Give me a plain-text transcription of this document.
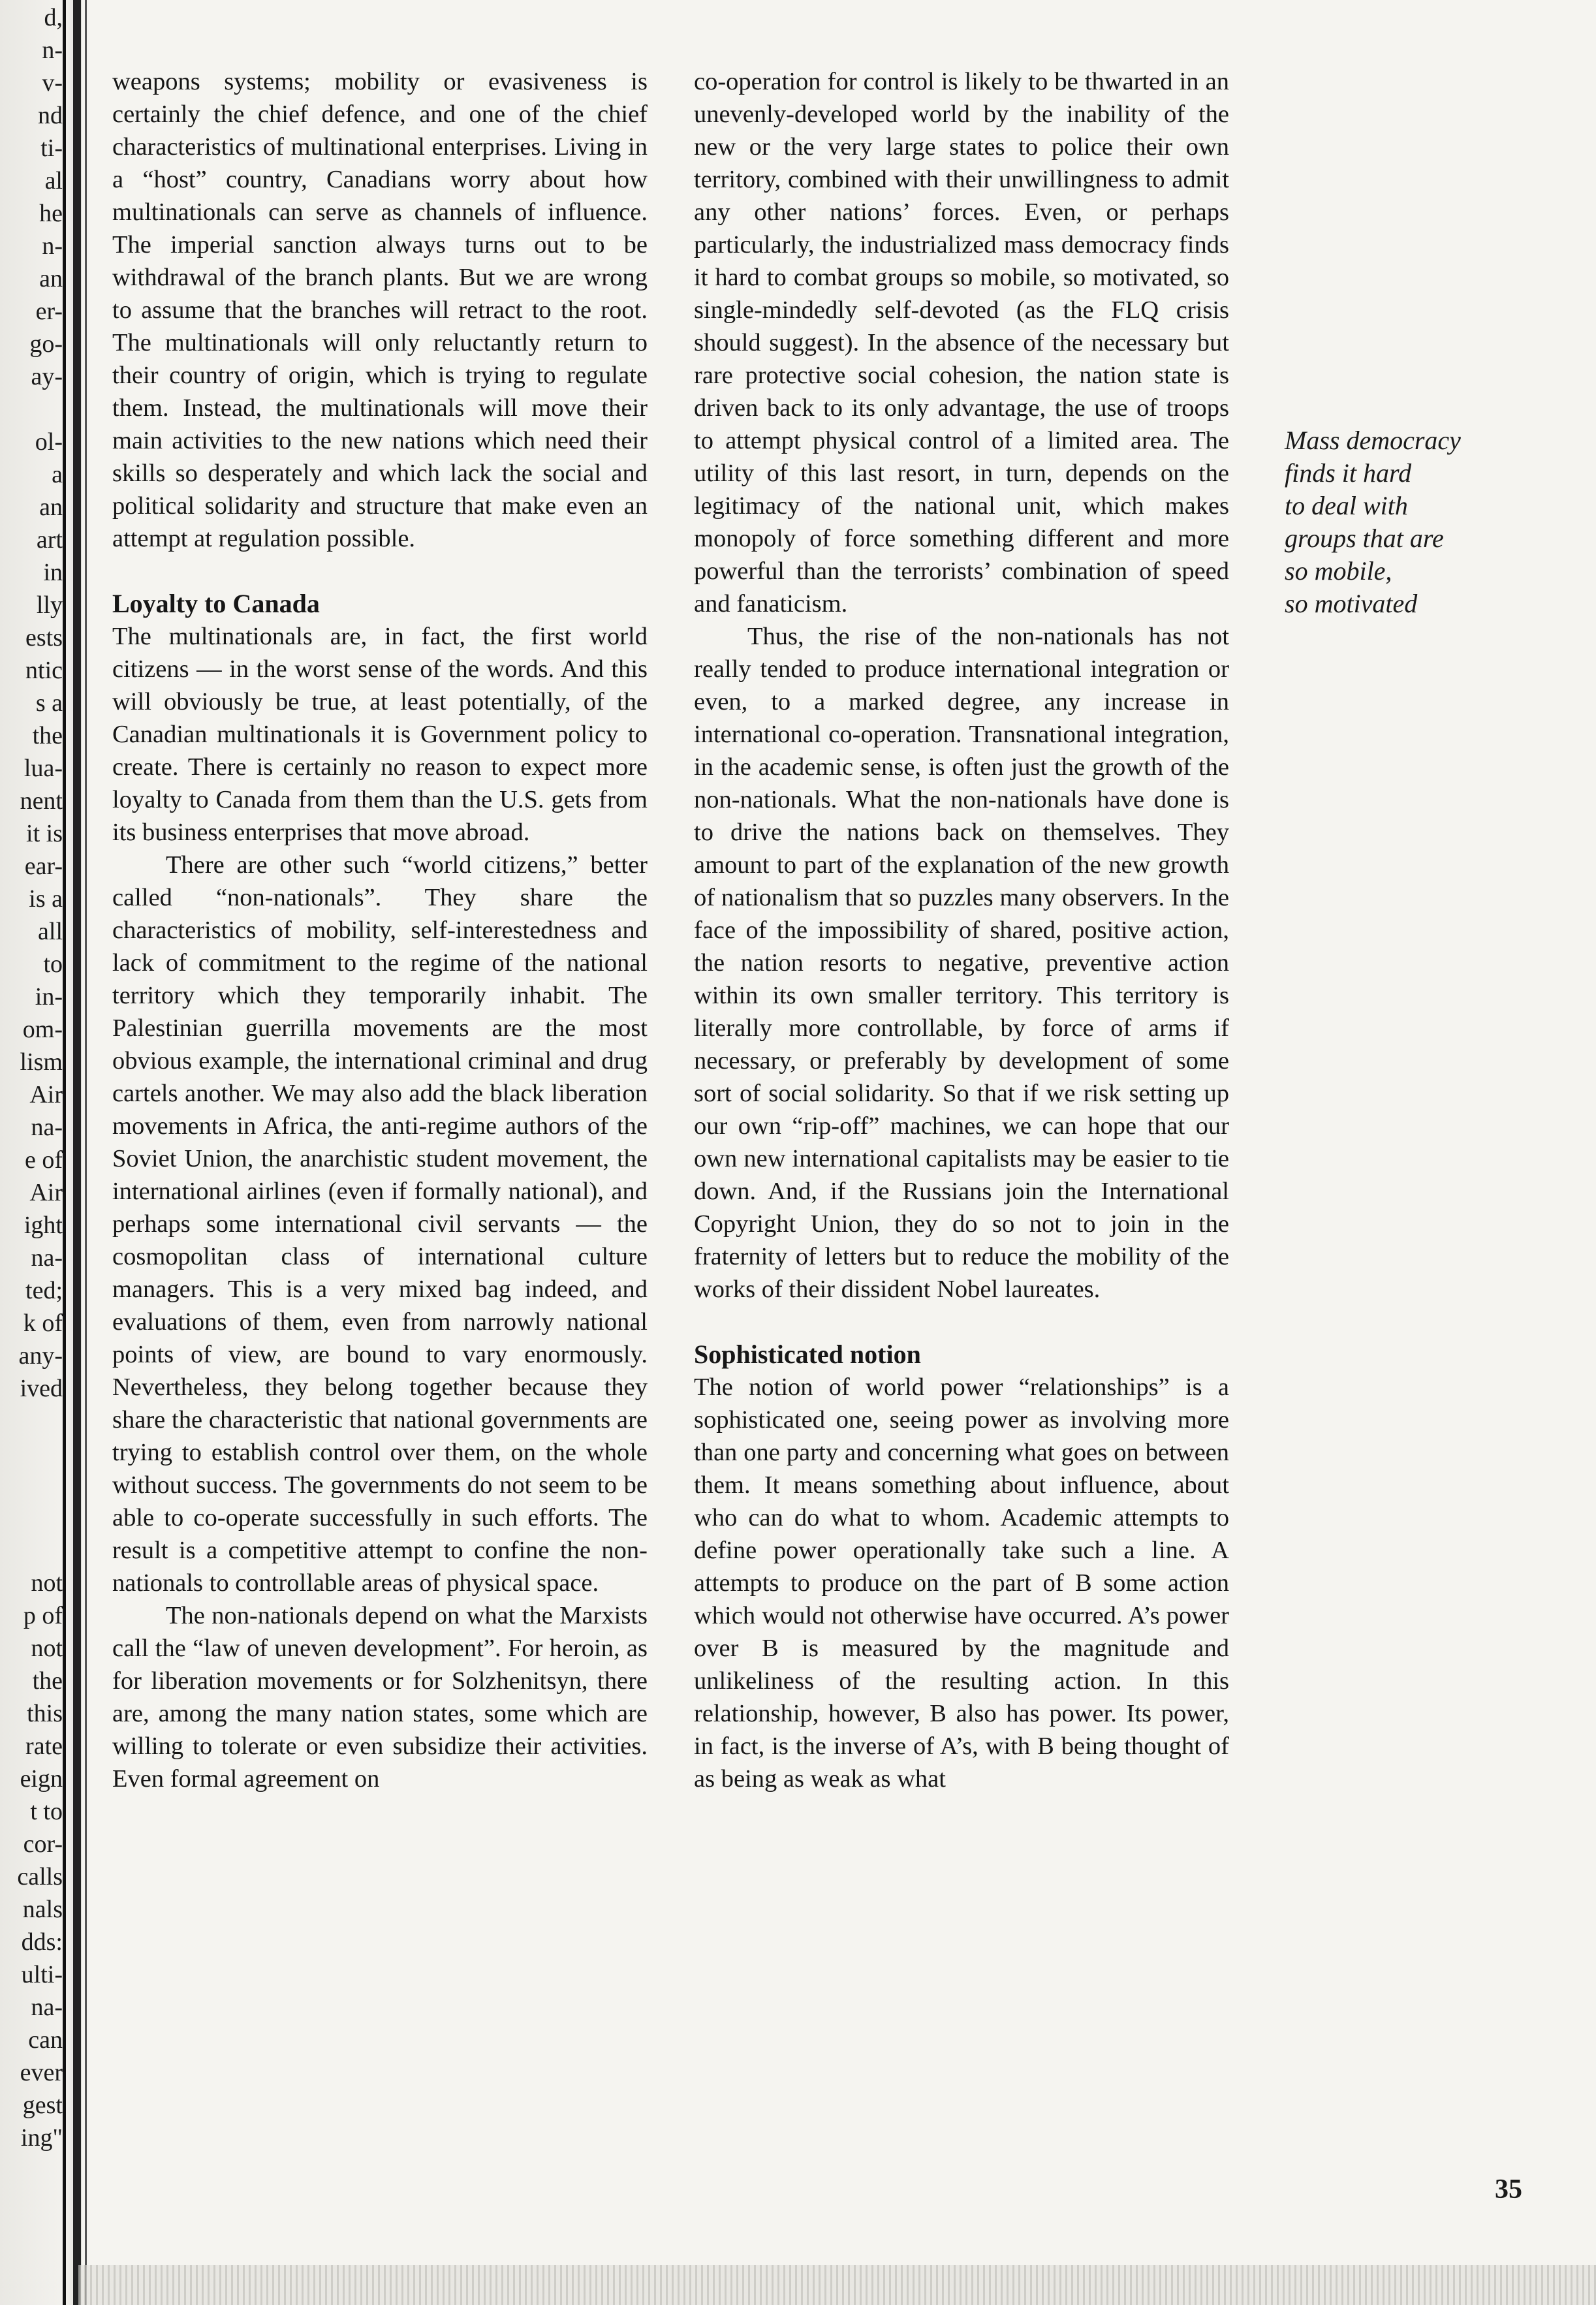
d,
n-
v-
nd
ti-
al
he
n-
an
er-
go-
ay-

ol-
a
an
art
in
lly
ests
ntic
s a
the
lua-
nent
it is
ear-
is a
all
to
in-
om-
lism
Air
na-
e of
Air
ight
na-
ted;
k of
any-
ived
not
p of
not
the
this
rate
eign
t to
cor-
calls
nals
dds:
ulti-
na-
can
ever
gest
ing"

weapons systems; mobility or evasiveness is certainly the chief defence, and one of the chief characteristics of multinational enterprises. Living in a “host” country, Canadians worry about how multinationals can serve as channels of influence. The imperial sanction always turns out to be withdrawal of the branch plants. But we are wrong to assume that the branches will retract to the root. The multinationals will only reluctantly return to their country of origin, which is trying to regulate them. Instead, the multinationals will move their main activities to the new nations which need their skills so desperately and which lack the social and political solidarity and structure that make even an attempt at regulation possible.

Loyalty to Canada

The multinationals are, in fact, the first world citizens — in the worst sense of the words. And this will obviously be true, at least potentially, of the Canadian multinationals it is Government policy to create. There is certainly no reason to expect more loyalty to Canada from them than the U.S. gets from its business enterprises that move abroad.

There are other such “world citizens,” better called “non-nationals”. They share the characteristics of mobility, self-interestedness and lack of commitment to the regime of the national territory which they temporarily inhabit. The Palestinian guerrilla movements are the most obvious example, the international criminal and drug cartels another. We may also add the black liberation movements in Africa, the anti-regime authors of the Soviet Union, the anarchistic student movement, the international airlines (even if formally national), and perhaps some international civil servants — the cosmopolitan class of international culture managers. This is a very mixed bag indeed, and evaluations of them, even from narrowly national points of view, are bound to vary enormously. Nevertheless, they belong together because they share the characteristic that national governments are trying to establish control over them, on the whole without success. The governments do not seem to be able to co-operate successfully in such efforts. The result is a competitive attempt to confine the non-nationals to controllable areas of physical space.

The non-nationals depend on what the Marxists call the “law of uneven development”. For heroin, as for liberation movements or for Solzhenitsyn, there are, among the many nation states, some which are willing to tolerate or even subsidize their activities. Even formal agreement on

co-operation for control is likely to be thwarted in an unevenly-developed world by the inability of the new or the very large states to police their own territory, combined with their unwillingness to admit any other nations’ forces. Even, or perhaps particularly, the industrialized mass democracy finds it hard to combat groups so mobile, so motivated, so single-mindedly self-devoted (as the FLQ crisis should suggest). In the absence of the necessary but rare protective social cohesion, the nation state is driven back to its only advantage, the use of troops to attempt physical control of a limited area. The utility of this last resort, in turn, depends on the legitimacy of the national unit, which makes monopoly of force something different and more powerful than the terrorists’ combination of speed and fanaticism.

Thus, the rise of the non-nationals has not really tended to produce international integration or even, to a marked degree, any increase in international co-operation. Transnational integration, in the academic sense, is often just the growth of the non-nationals. What the non-nationals have done is to drive the nations back on themselves. They amount to part of the explanation of the new growth of nationalism that so puzzles many observers. In the face of the impossibility of shared, positive action, the nation resorts to negative, preventive action within its own smaller territory. This territory is literally more controllable, by force of arms if necessary, or preferably by development of some sort of social solidarity. So that if we risk setting up our own “rip-off” machines, we can hope that our own new international capitalists may be easier to tie down. And, if the Russians join the International Copyright Union, they do so not to join in the fraternity of letters but to reduce the mobility of the works of their dissident Nobel laureates.

Sophisticated notion

The notion of world power “relationships” is a sophisticated one, seeing power as involving more than one party and concerning what goes on between them. It means something about influence, about who can do what to whom. Academic attempts to define power operationally take such a line. A attempts to produce on the part of B some action which would not otherwise have occurred. A’s power over B is measured by the magnitude and unlikeliness of the resulting action. In this relationship, however, B also has power. Its power, in fact, is the inverse of A’s, with B being thought of as being as weak as what

Mass democracy
finds it hard
to deal with
groups that are
so mobile,
so motivated
35
